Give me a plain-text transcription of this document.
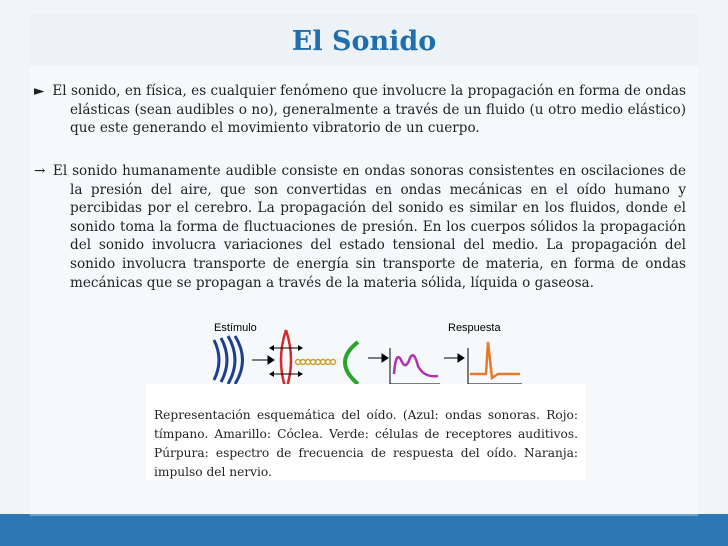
El Sonido
► El sonido, en física, es cualquier fenómeno que involucre la propagación en forma de ondas elásticas (sean audibles o no), generalmente a través de un fluido (u otro medio elástico) que este generando el movimiento vibratorio de un cuerpo.
→ El sonido humanamente audible consiste en ondas sonoras consistentes en oscilaciones de la presión del aire, que son convertidas en ondas mecánicas en el oído humano y percibidas por el cerebro. La propagación del sonido es similar en los fluidos, donde el sonido toma la forma de fluctuaciones de presión. En los cuerpos sólidos la propagación del sonido involucra variaciones del estado tensional del medio. La propagación del sonido involucra transporte de energía sin transporte de materia, en forma de ondas mecánicas que se propagan a través de la materia sólida, líquida o gaseosa.
Estímulo	Respuesta
Representación esquemática del oído. (Azul: ondas sonoras. Rojo: tímpano. Amarillo: Cóclea. Verde: células de receptores auditivos. Púrpura: espectro de frecuencia de respuesta del oído. Naranja: impulso del nervio.
